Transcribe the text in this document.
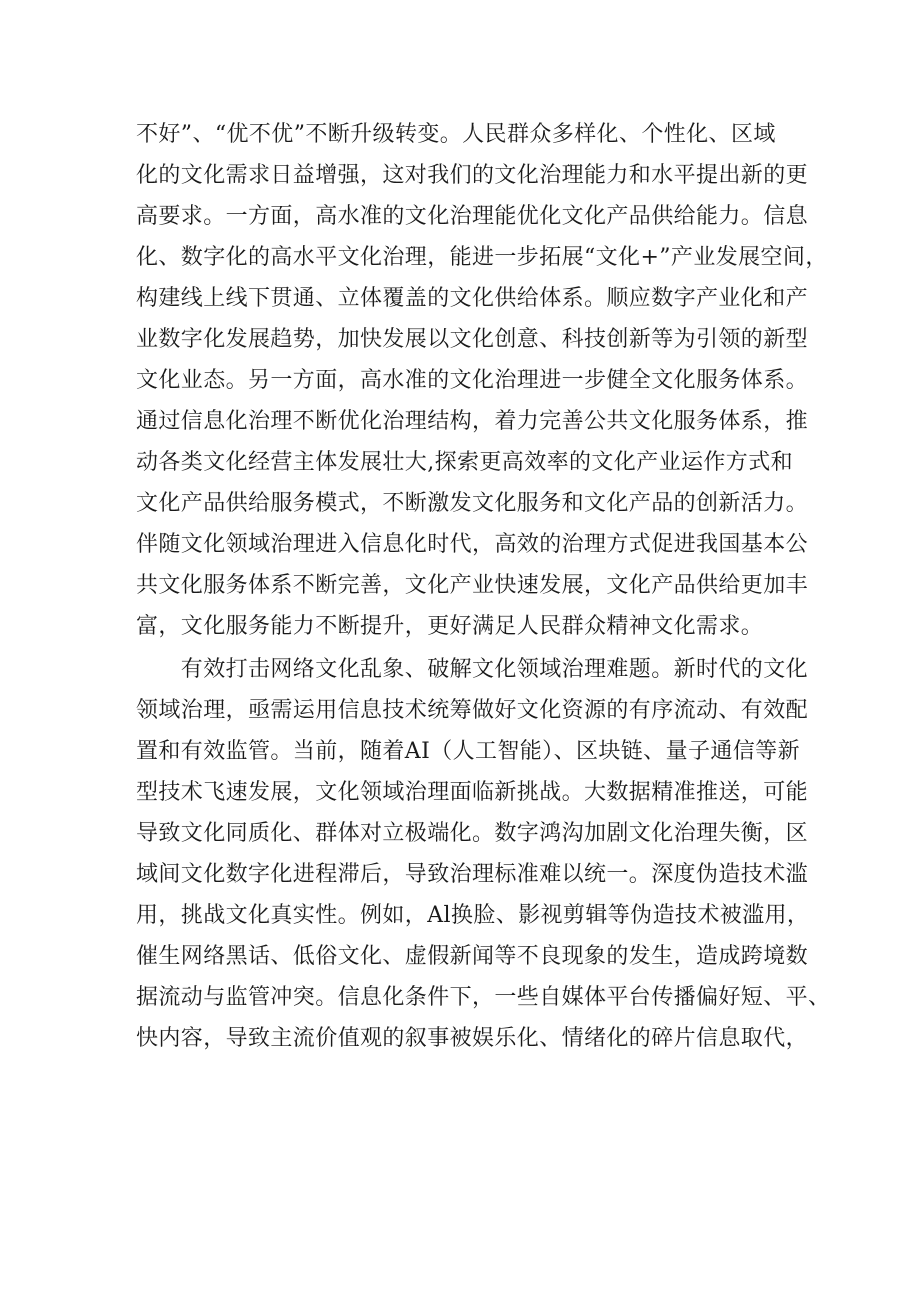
不好”、“优不优”不断升级转变。人民群众多样化、个性化、区域
化的文化需求日益增强，这对我们的文化治理能力和水平提出新的更
高要求。一方面，高水准的文化治理能优化文化产品供给能力。信息
化、数字化的高水平文化治理，能进一步拓展“文化+”产业发展空间，
构建线上线下贯通、立体覆盖的文化供给体系。顺应数字产业化和产
业数字化发展趋势，加快发展以文化创意、科技创新等为引领的新型
文化业态。另一方面，高水准的文化治理进一步健全文化服务体系。
通过信息化治理不断优化治理结构，着力完善公共文化服务体系，推
动各类文化经营主体发展壮大,探索更高效率的文化产业运作方式和
文化产品供给服务模式，不断激发文化服务和文化产品的创新活力。
伴随文化领域治理进入信息化时代，高效的治理方式促进我国基本公
共文化服务体系不断完善，文化产业快速发展，文化产品供给更加丰
富，文化服务能力不断提升，更好满足人民群众精神文化需求。
　　有效打击网络文化乱象、破解文化领域治理难题。新时代的文化
领域治理，亟需运用信息技术统筹做好文化资源的有序流动、有效配
置和有效监管。当前，随着AI（人工智能）、区块链、量子通信等新
型技术飞速发展，文化领域治理面临新挑战。大数据精准推送，可能
导致文化同质化、群体对立极端化。数字鸿沟加剧文化治理失衡，区
域间文化数字化进程滞后，导致治理标准难以统一。深度伪造技术滥
用，挑战文化真实性。例如，Al换脸、影视剪辑等伪造技术被滥用，
催生网络黑话、低俗文化、虚假新闻等不良现象的发生，造成跨境数
据流动与监管冲突。信息化条件下，一些自媒体平台传播偏好短、平、
快内容，导致主流价值观的叙事被娱乐化、情绪化的碎片信息取代，
